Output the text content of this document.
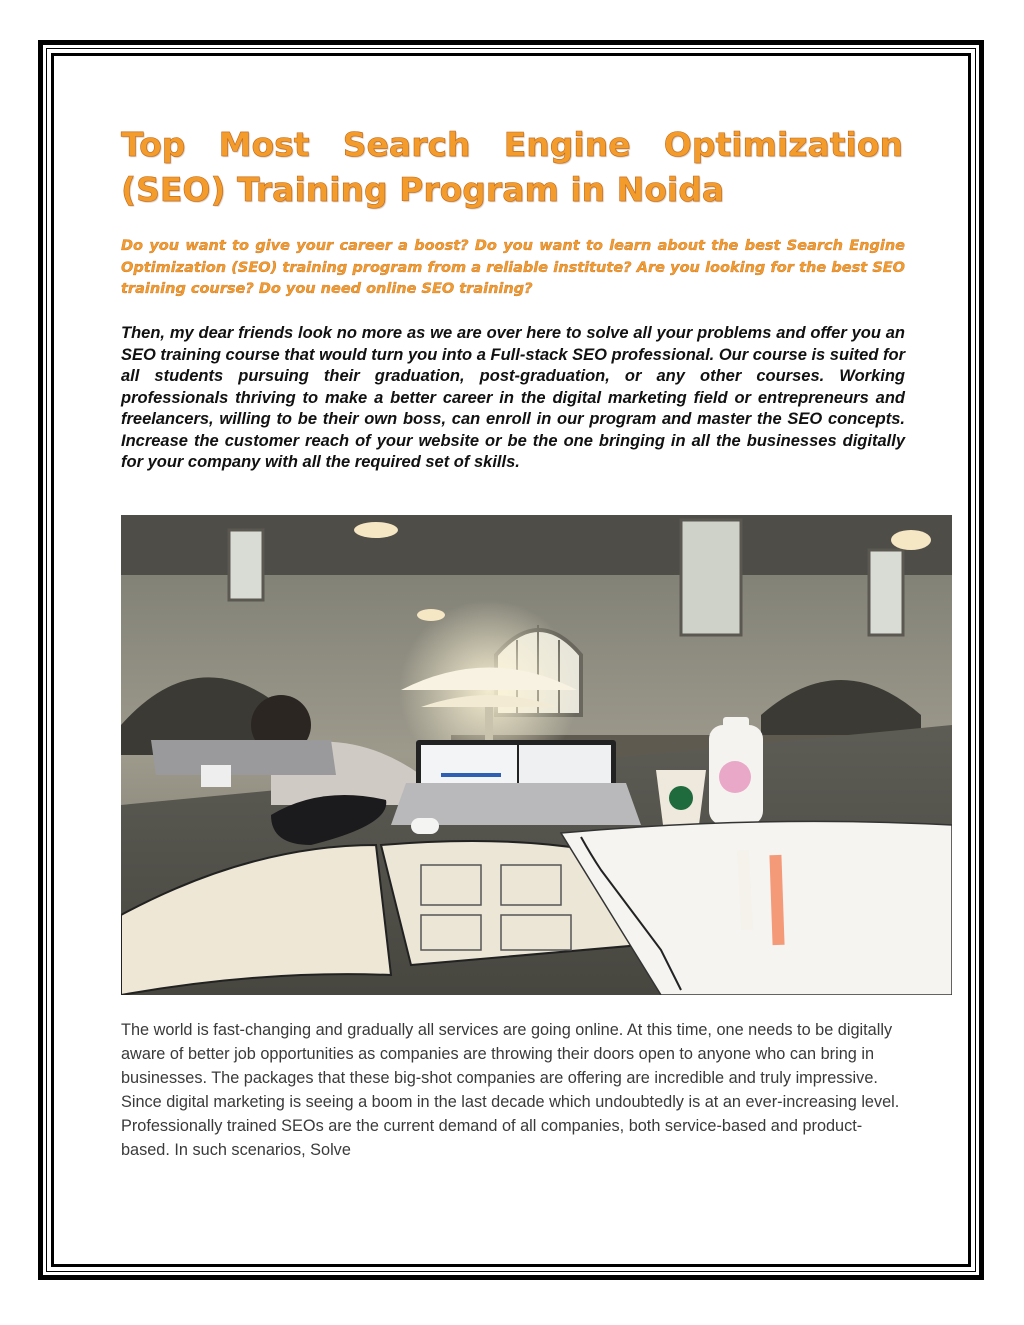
Top Most Search Engine Optimization (SEO) Training Program in Noida

Do you want to give your career a boost? Do you want to learn about the best Search Engine Optimization (SEO) training program from a reliable institute? Are you looking for the best SEO training course? Do you need online SEO training?

Then, my dear friends look no more as we are over here to solve all your problems and offer you an SEO training course that would turn you into a Full-stack SEO professional. Our course is suited for all students pursuing their graduation, post-graduation, or any other courses. Working professionals thriving to make a better career in the digital marketing field or entrepreneurs and freelancers, willing to be their own boss, can enroll in our program and master the SEO concepts. Increase the customer reach of your website or be the one bringing in all the businesses digitally for your company with all the required set of skills.

The world is fast-changing and gradually all services are going online. At this time, one needs to be digitally aware of better job opportunities as companies are throwing their doors open to anyone who can bring in businesses. The packages that these big-shot companies are offering are incredible and truly impressive. Since digital marketing is seeing a boom in the last decade which undoubtedly is at an ever-increasing level. Professionally trained SEOs are the current demand of all companies, both service-based and product-based. In such scenarios, Solve
